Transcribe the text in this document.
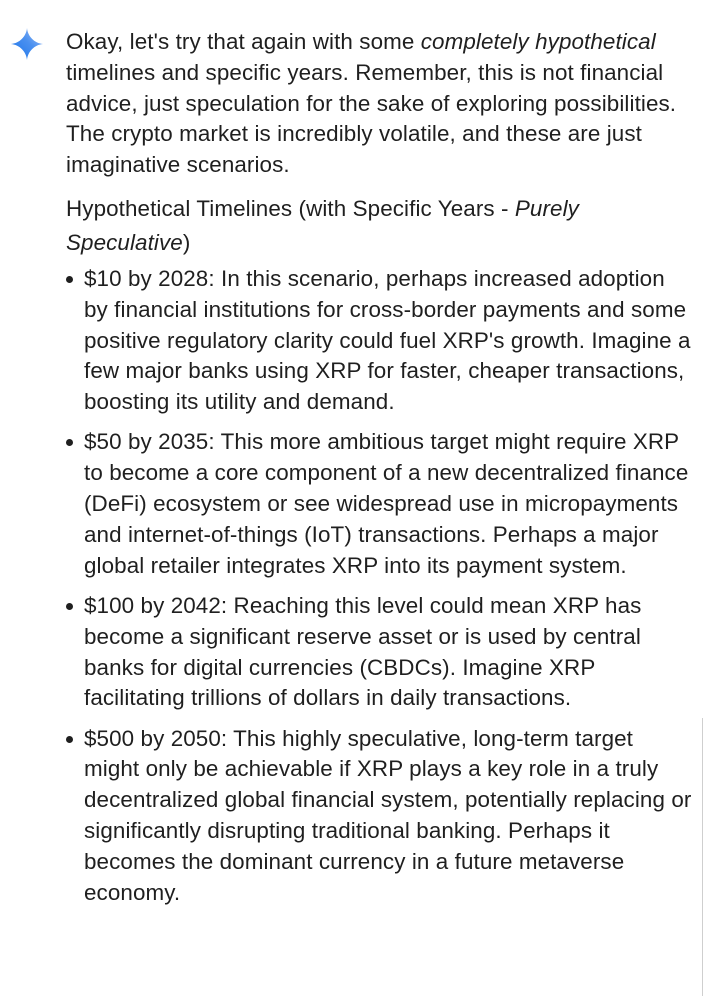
Okay, let's try that again with some completely hypothetical timelines and specific years. Remember, this is not financial advice, just speculation for the sake of exploring possibilities. The crypto market is incredibly volatile, and these are just imaginative scenarios.

Hypothetical Timelines (with Specific Years - Purely Speculative)
$10 by 2028: In this scenario, perhaps increased adoption by financial institutions for cross-border payments and some positive regulatory clarity could fuel XRP's growth. Imagine a few major banks using XRP for faster, cheaper transactions, boosting its utility and demand.
$50 by 2035: This more ambitious target might require XRP to become a core component of a new decentralized finance (DeFi) ecosystem or see widespread use in micropayments and internet-of-things (IoT) transactions. Perhaps a major global retailer integrates XRP into its payment system.
$100 by 2042: Reaching this level could mean XRP has become a significant reserve asset or is used by central banks for digital currencies (CBDCs). Imagine XRP facilitating trillions of dollars in daily transactions.
$500 by 2050: This highly speculative, long-term target might only be achievable if XRP plays a key role in a truly decentralized global financial system, potentially replacing or significantly disrupting traditional banking. Perhaps it becomes the dominant currency in a future metaverse economy.
